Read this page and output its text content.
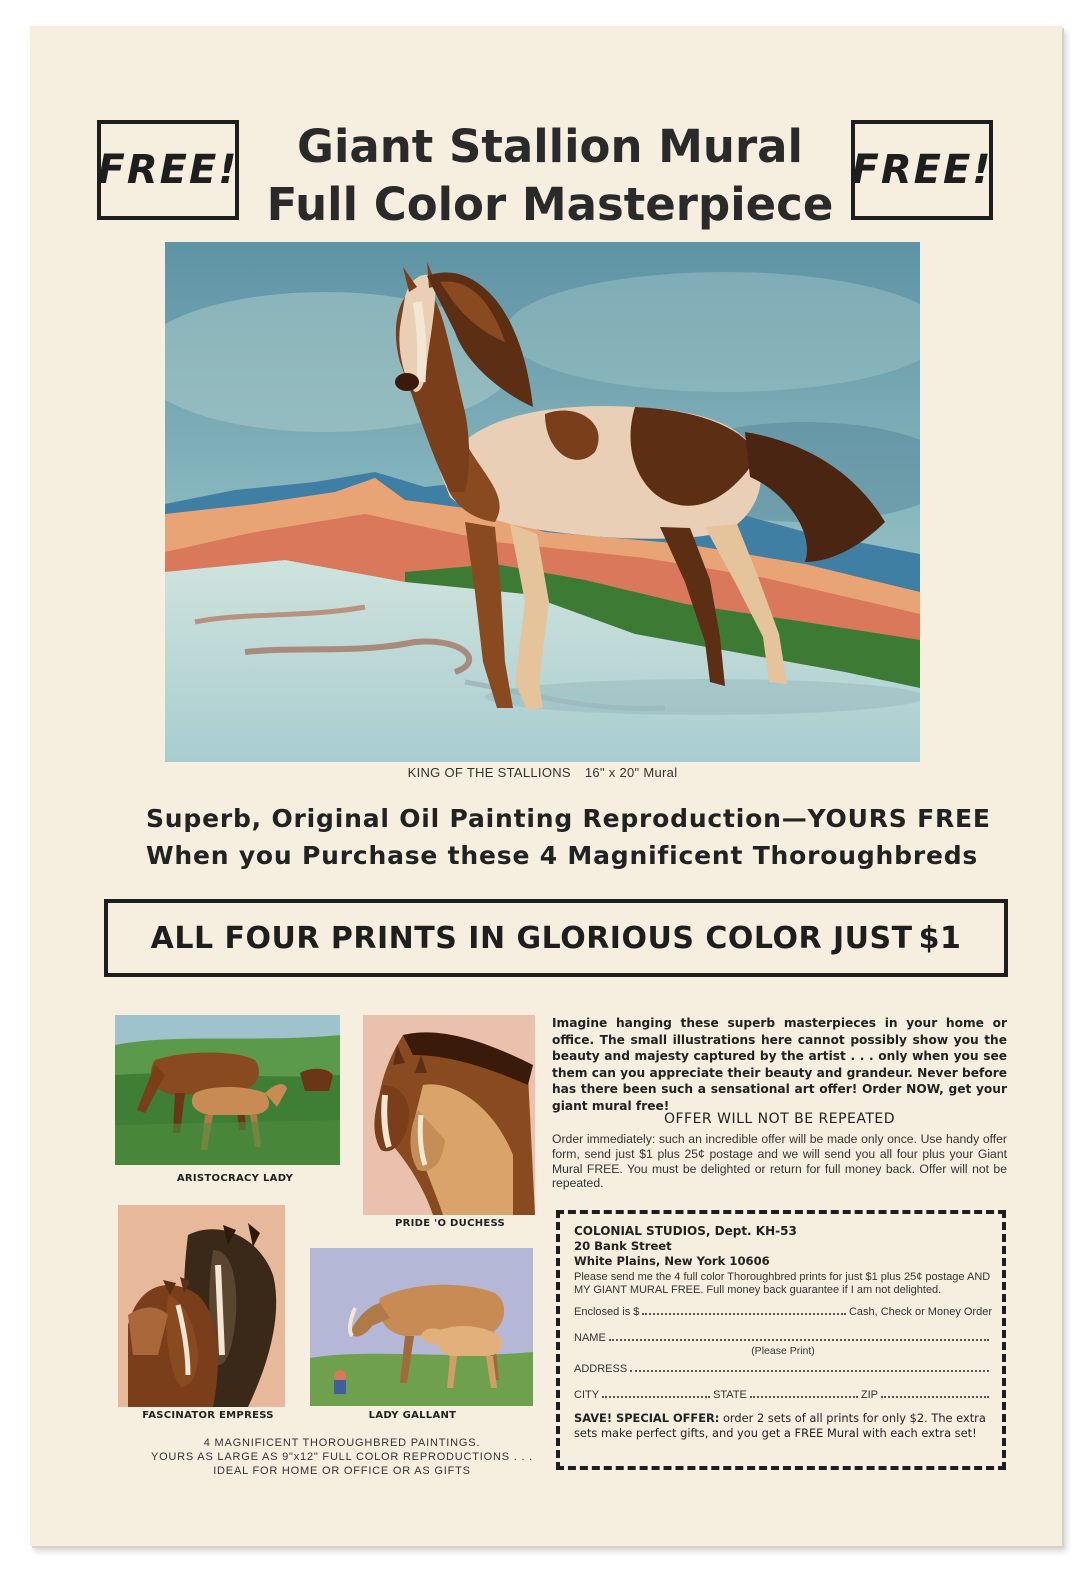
FREE!	FREE!
Giant Stallion Mural
Full Color Masterpiece
KING OF THE STALLIONS 16" x 20" Mural
Superb, Original Oil Painting Reproduction—YOURS FREE
When you Purchase these 4 Magnificent Thoroughbreds
ALL FOUR PRINTS IN GLORIOUS COLOR JUST $1
ARISTOCRACY LADY
PRIDE 'O DUCHESS
FASCINATOR EMPRESS	LADY GALLANT
4 MAGNIFICENT THOROUGHBRED PAINTINGS.
YOURS AS LARGE AS 9"x12" FULL COLOR REPRODUCTIONS . . .
IDEAL FOR HOME OR OFFICE OR AS GIFTS
Imagine hanging these superb masterpieces in your home or office. The small illustrations here cannot possibly show you the beauty and majesty captured by the artist . . . only when you see them can you appreciate their beauty and grandeur. Never before has there been such a sensational art offer! Order NOW, get your giant mural free!
OFFER WILL NOT BE REPEATED
Order immediately: such an incredible offer will be made only once. Use handy offer form, send just $1 plus 25¢ postage and we will send you all four plus your Giant Mural FREE. You must be delighted or return for full money back. Offer will not be repeated.
COLONIAL STUDIOS, Dept. KH-53
20 Bank Street
White Plains, New York 10606
Please send me the 4 full color Thoroughbred prints for just $1 plus 25¢ postage AND MY GIANT MURAL FREE. Full money back guarantee if I am not delighted.
Enclosed is $	Cash, Check or Money Order
NAME
(Please Print)
ADDRESS
CITY	STATE	ZIP
SAVE! SPECIAL OFFER: order 2 sets of all prints for only $2. The extra sets make perfect gifts, and you get a FREE Mural with each extra set!
